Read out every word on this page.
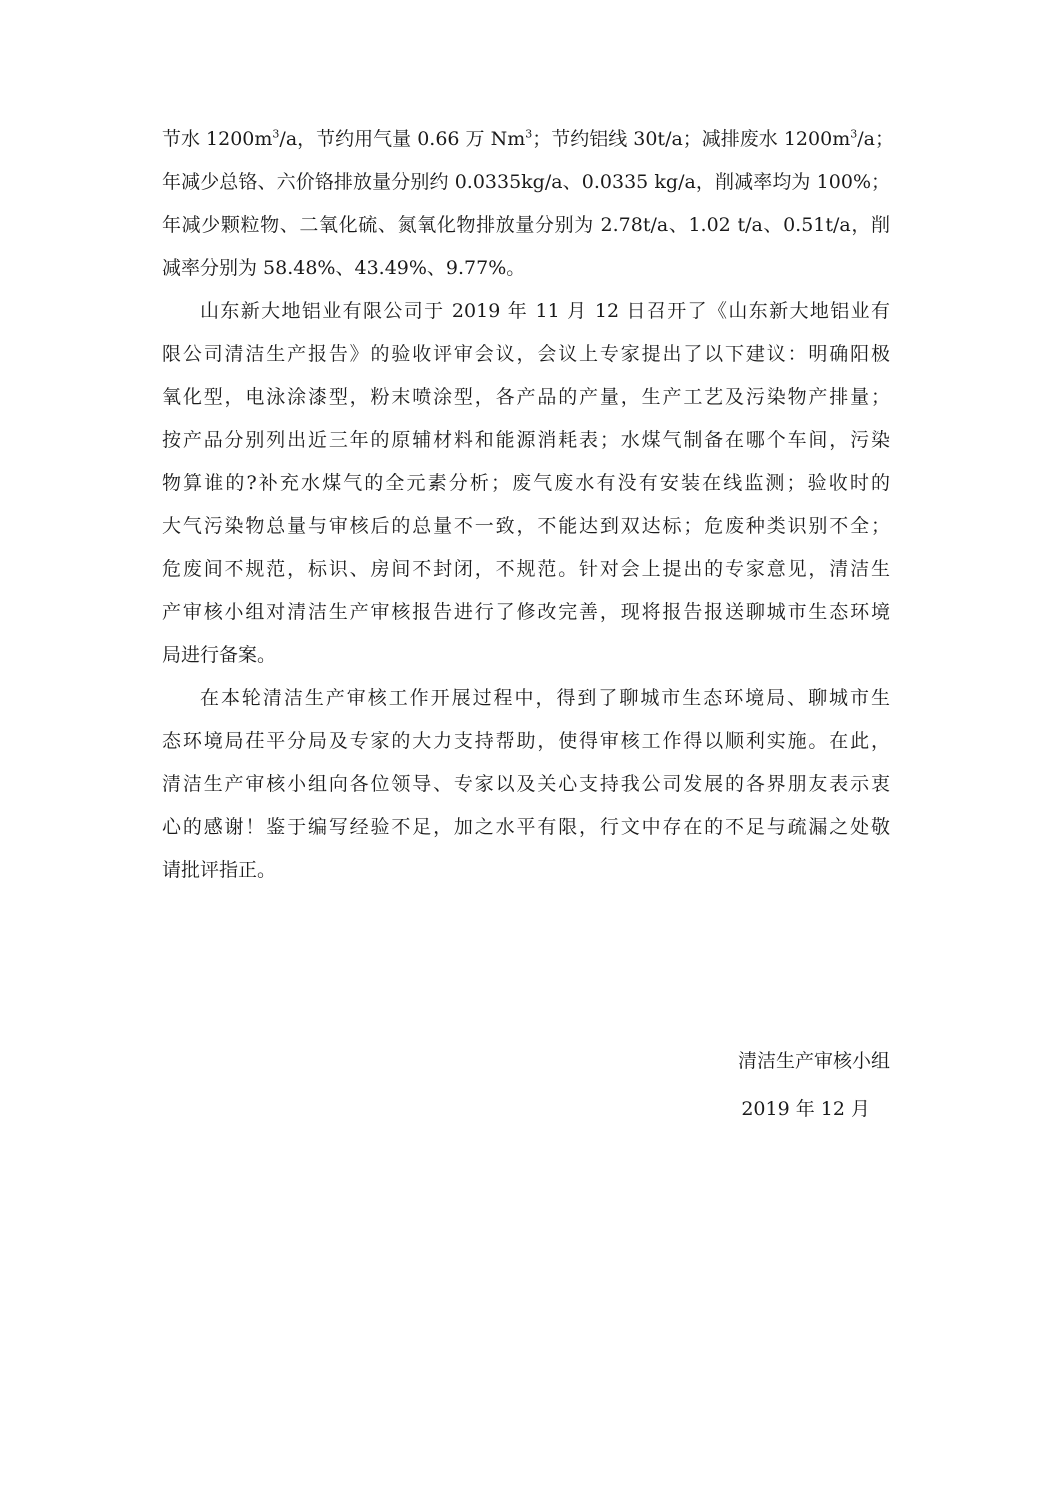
节水 $1200m^3/a$，节约用气量 0.66 万 Nm$^3$；节约铝线 30t/a；减排废水 $1200m^3/a$；
年减少总铬、六价铬排放量分别约 0.0335kg/a、0.0335 kg/a，削减率均为 100%；
年减少颗粒物、二氧化硫、氮氧化物排放量分别为 2.78t/a、1.02 t/a、0.51t/a，削
减率分别为 58.48%、43.49%、9.77%。

山东新大地铝业有限公司于 2019 年 11 月 12 日召开了《山东新大地铝业有
限公司清洁生产报告》的验收评审会议，会议上专家提出了以下建议：明确阳极
氧化型，电泳涂漆型，粉末喷涂型，各产品的产量，生产工艺及污染物产排量；
按产品分别列出近三年的原辅材料和能源消耗表；水煤气制备在哪个车间，污染
物算谁的?补充水煤气的全元素分析；废气废水有没有安装在线监测；验收时的
大气污染物总量与审核后的总量不一致，不能达到双达标；危废种类识别不全；
危废间不规范，标识、房间不封闭，不规范。针对会上提出的专家意见，清洁生
产审核小组对清洁生产审核报告进行了修改完善，现将报告报送聊城市生态环境
局进行备案。

在本轮清洁生产审核工作开展过程中，得到了聊城市生态环境局、聊城市生
态环境局茌平分局及专家的大力支持帮助，使得审核工作得以顺利实施。在此，
清洁生产审核小组向各位领导、专家以及关心支持我公司发展的各界朋友表示衷
心的感谢！鉴于编写经验不足，加之水平有限，行文中存在的不足与疏漏之处敬
请批评指正。

清洁生产审核小组
2019 年 12 月
